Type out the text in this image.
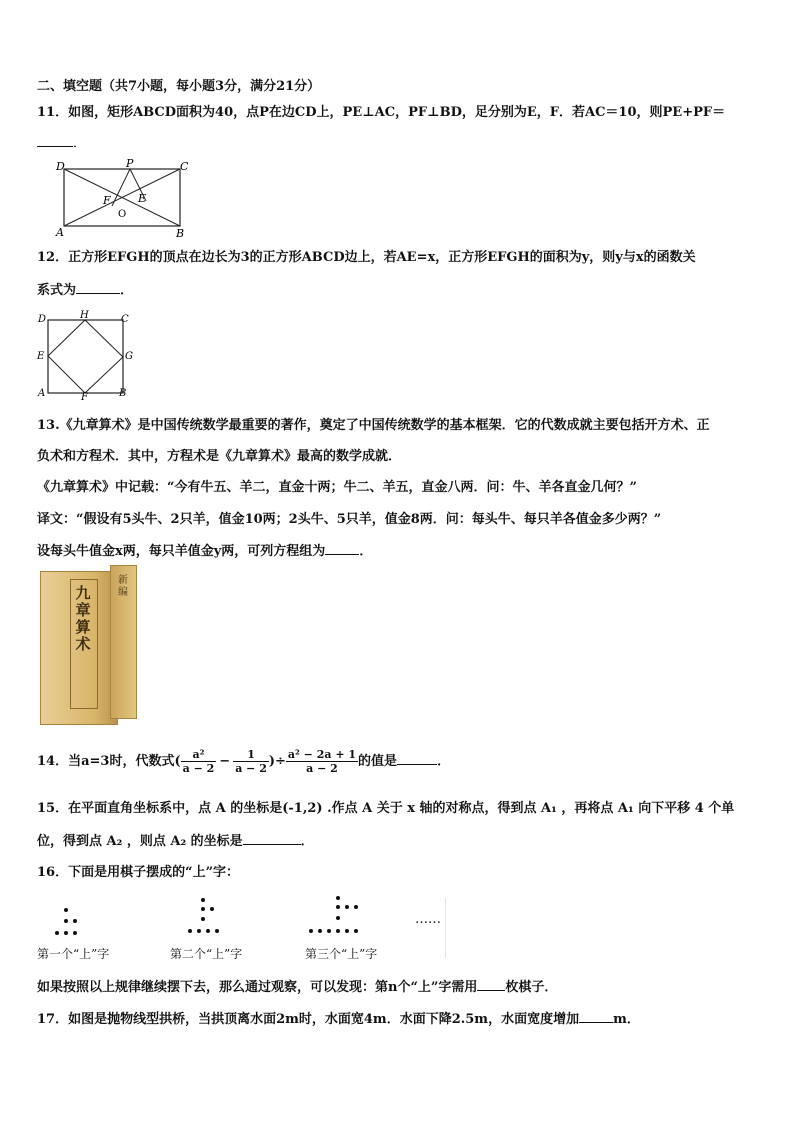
二、填空题（共7小题，每小题3分，满分21分）
11．如图，矩形ABCD面积为40，点P在边CD上，PE⊥AC，PF⊥BD，足分别为E，F．若AC＝10，则PE+PF＝
．
D	P	C
F E
O
A	B
12．正方形EFGH的顶点在边长为3的正方形ABCD边上，若AE=x，正方形EFGH的面积为y，则y与x的函数关
系式为	．
D	H	C
E	G
A	F	B
13.《九章算术》是中国传统数学最重要的著作，奠定了中国传统数学的基本框架．它的代数成就主要包括开方术、正
负术和方程术．其中，方程术是《九章算术》最高的数学成就．
《九章算术》中记载：“今有牛五、羊二，直金十两；牛二、羊五，直金八两．问：牛、羊各直金几何？”
译文：“假设有5头牛、2只羊，值金10两；2头牛、5只羊，值金8两．问：每头牛、每只羊各值金多少两？”
设每头牛值金x两，每只羊值金y两，可列方程组为	．
九章算术
新编
14．当a=3时，代数式( $\frac{\text{a²}}{a - 2} - \frac{1}{a - 2}$ )÷ $\frac{\text{a² − 2a + 1}}{a - 2}$ 的值是	．
15．在平面直角坐标系中，点 A 的坐标是(-1,2) .作点 A 关于 x 轴的对称点，得到点 A₁ ，再将点 A₁ 向下平移 4 个单
位，得到点 A₂ ，则点 A₂ 的坐标是	．
16．下面是用棋子摆成的“上”字：
……
第一个“上”字	第二个“上”字	第三个“上”字
如果按照以上规律继续摆下去，那么通过观察，可以发现：第n个“上”字需用 枚棋子．
17．如图是抛物线型拱桥，当拱顶离水面2m时，水面宽4m．水面下降2.5m，水面宽度增加	m．
